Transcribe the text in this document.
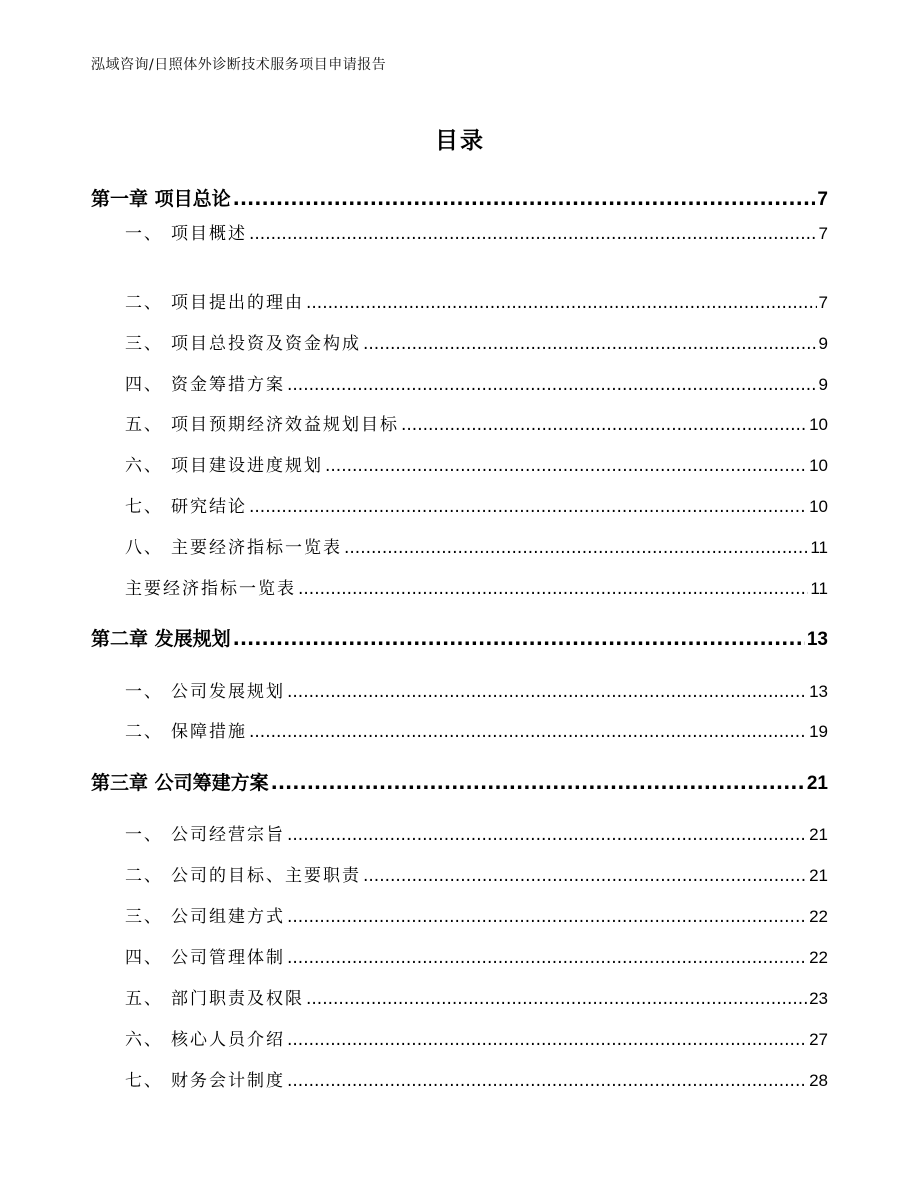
泓域咨询/日照体外诊断技术服务项目申请报告
目录
第一章 项目总论 .....	7
一、 项目概述 .....	7
二、 项目提出的理由 .....	7
三、 项目总投资及资金构成 .....	9
四、 资金筹措方案 .....	9
五、 项目预期经济效益规划目标 .....	10
六、 项目建设进度规划 .....	10
七、 研究结论 .....	10
八、 主要经济指标一览表 .....	11
主要经济指标一览表 .....	11
第二章 发展规划 .....	13
一、 公司发展规划 .....	13
二、 保障措施 .....	19
第三章 公司筹建方案 .....	21
一、 公司经营宗旨 .....	21
二、 公司的目标、主要职责 .....	21
三、 公司组建方式 .....	22
四、 公司管理体制 .....	22
五、 部门职责及权限 .....	23
六、 核心人员介绍 .....	27
七、 财务会计制度 .....	28
